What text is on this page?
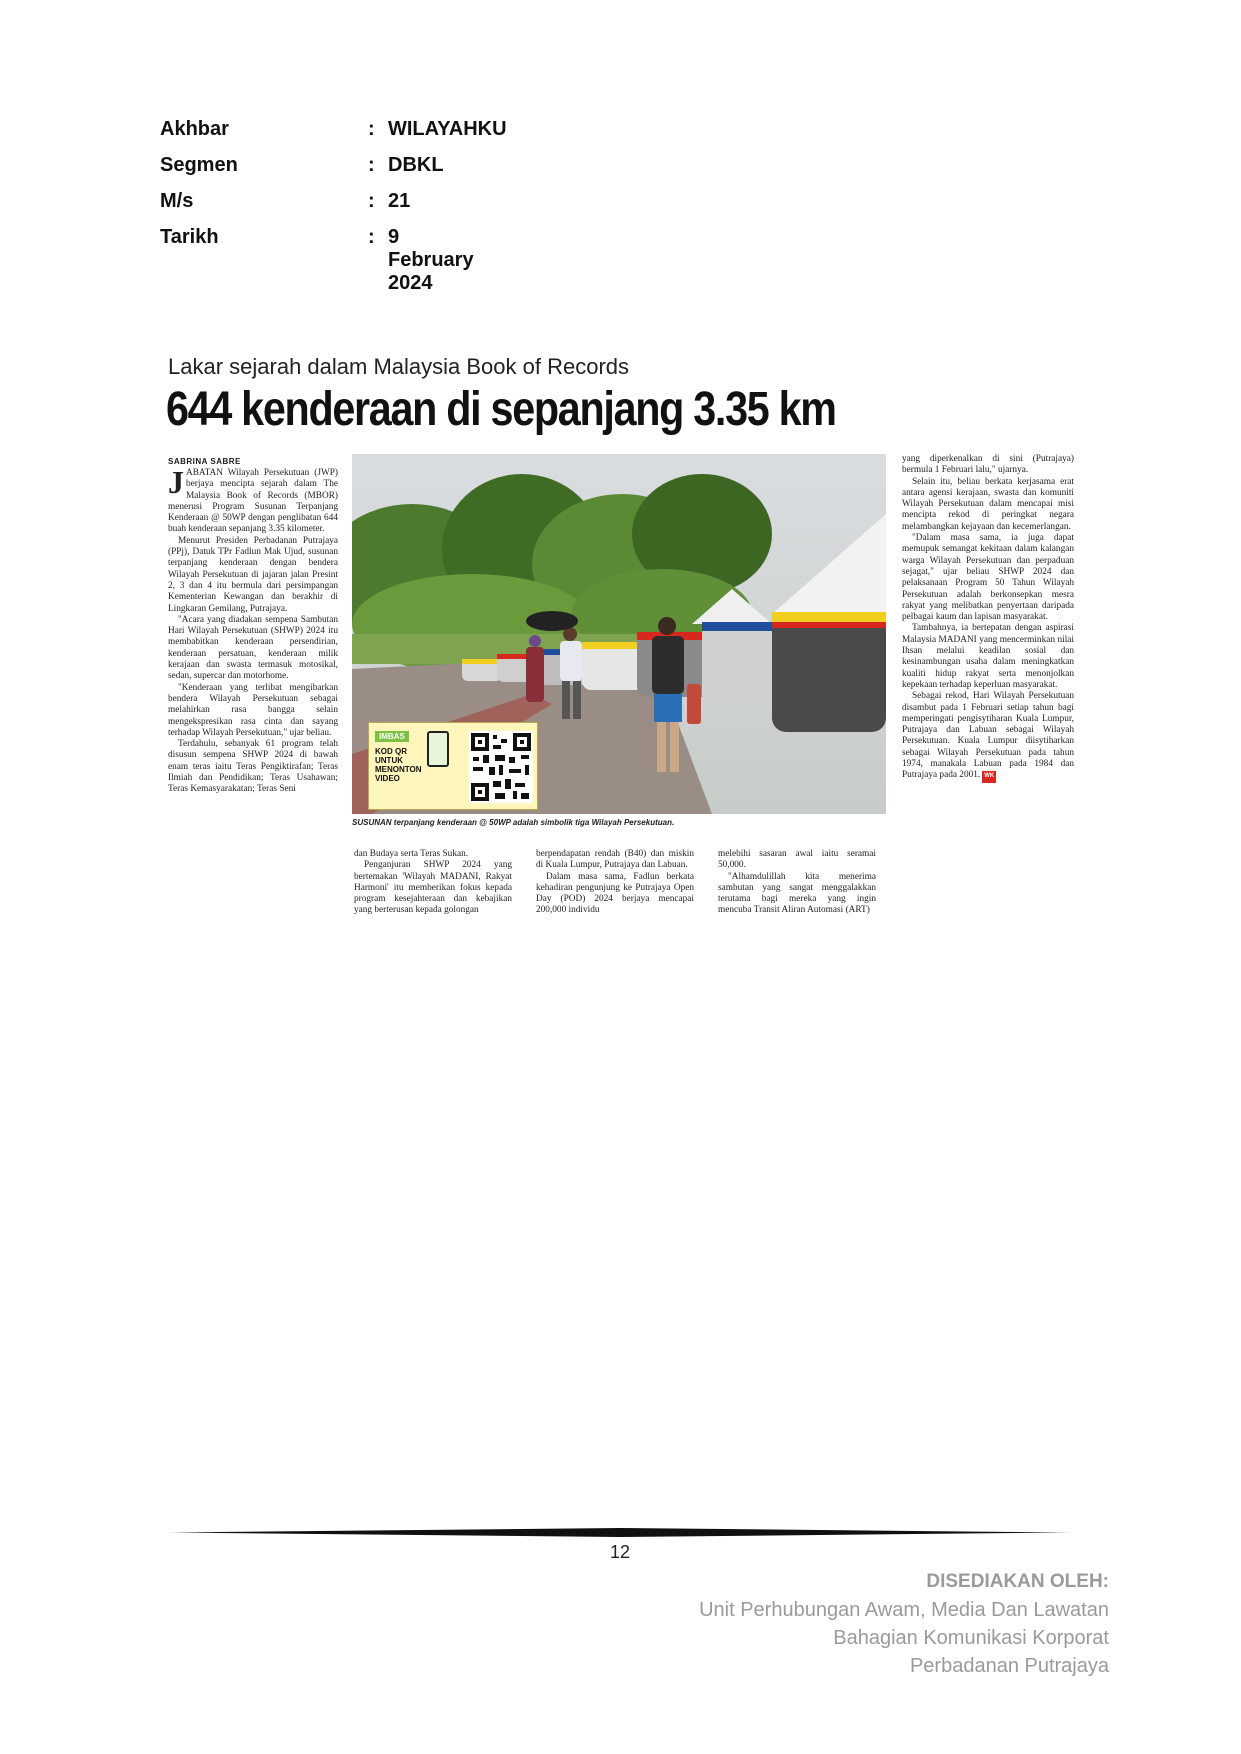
Akhbar	: WILAYAHKU
Segmen	: DBKL
M/s	: 21
Tarikh	: 9 February 2024
Lakar sejarah dalam Malaysia Book of Records
644 kenderaan di sepanjang 3.35 km
SABRINA SABRE

JABATAN Wilayah Persekutuan (JWP) berjaya mencipta sejarah dalam The Malaysia Book of Records (MBOR) menerusi Program Susunan Terpanjang Kenderaan @ 50WP dengan penglibatan 644 buah kenderaan sepanjang 3.35 kilometer.

Menurut Presiden Perbadanan Putrajaya (PPj), Datuk TPr Fadlun Mak Ujud, susunan terpanjang kenderaan dengan bendera Wilayah Persekutuan di jajaran jalan Presint 2, 3 dan 4 itu bermula dari persimpangan Kementerian Kewangan dan berakhir di Lingkaran Gemilang, Putrajaya.

"Acara yang diadakan sempena Sambutan Hari Wilayah Persekutuan (SHWP) 2024 itu membabitkan kenderaan persendirian, kenderaan persatuan, kenderaan milik kerajaan dan swasta termasuk motosikal, sedan, supercar dan motorhome.

"Kenderaan yang terlibat mengibarkan bendera Wilayah Persekutuan sebagai melahirkan rasa bangga selain mengekspresikan rasa cinta dan sayang terhadap Wilayah Persekutuan," ujar beliau.

Terdahulu, sebanyak 61 program telah disusun sempena SHWP 2024 di bawah enam teras iaitu Teras Pengiktirafan; Teras Ilmiah dan Pendidikan; Teras Usahawan; Teras Kemasyarakatan; Teras Seni

IMBAS
KOD QR UNTUK MENONTON VIDEO
SUSUNAN terpanjang kenderaan @ 50WP adalah simbolik tiga Wilayah Persekutuan.

dan Budaya serta Teras Sukan.

Penganjuran SHWP 2024 yang bertemakan 'Wilayah MADANI, Rakyat Harmoni' itu memberikan fokus kepada program kesejahteraan dan kebajikan yang berterusan kepada golongan

berpendapatan rendah (B40) dan miskin di Kuala Lumpur, Putrajaya dan Labuan.

Dalam masa sama, Fadlun berkata kehadiran pengunjung ke Putrajaya Open Day (POD) 2024 berjaya mencapai 200,000 individu

melebihi sasaran awal iaitu seramai 50,000.

"Alhamdulillah kita menerima sambutan yang sangat menggalakkan terutama bagi mereka yang ingin mencuba Transit Aliran Automasi (ART)

yang diperkenalkan di sini (Putrajaya) bermula 1 Februari lalu," ujarnya.

Selain itu, beliau berkata kerjasama erat antara agensi kerajaan, swasta dan komuniti Wilayah Persekutuan dalam mencapai misi mencipta rekod di peringkat negara melambangkan kejayaan dan kecemerlangan.

"Dalam masa sama, ia juga dapat memupuk semangat kekitaan dalam kalangan warga Wilayah Persekutuan dan perpaduan sejagat," ujar beliau SHWP 2024 dan pelaksanaan Program 50 Tahun Wilayah Persekutuan adalah berkonsepkan mesra rakyat yang melibatkan penyertaan daripada pelbagai kaum dan lapisan masyarakat.

Tambahnya, ia bertepatan dengan aspirasi Malaysia MADANI yang mencerminkan nilai Ihsan melalui keadilan sosial dan kesinambungan usaha dalam meningkatkan kualiti hidup rakyat serta menonjolkan kepekaan terhadap keperluan masyarakat.

Sebagai rekod, Hari Wilayah Persekutuan disambut pada 1 Februari setiap tahun bagi memperingati pengisytiharan Kuala Lumpur, Putrajaya dan Labuan sebagai Wilayah Persekutuan. Kuala Lumpur diisytiharkan sebagai Wilayah Persekutuan pada tahun 1974, manakala Labuan pada 1984 dan Putrajaya pada 2001. WK

12
DISEDIAKAN OLEH:
Unit Perhubungan Awam, Media Dan Lawatan
Bahagian Komunikasi Korporat
Perbadanan Putrajaya
